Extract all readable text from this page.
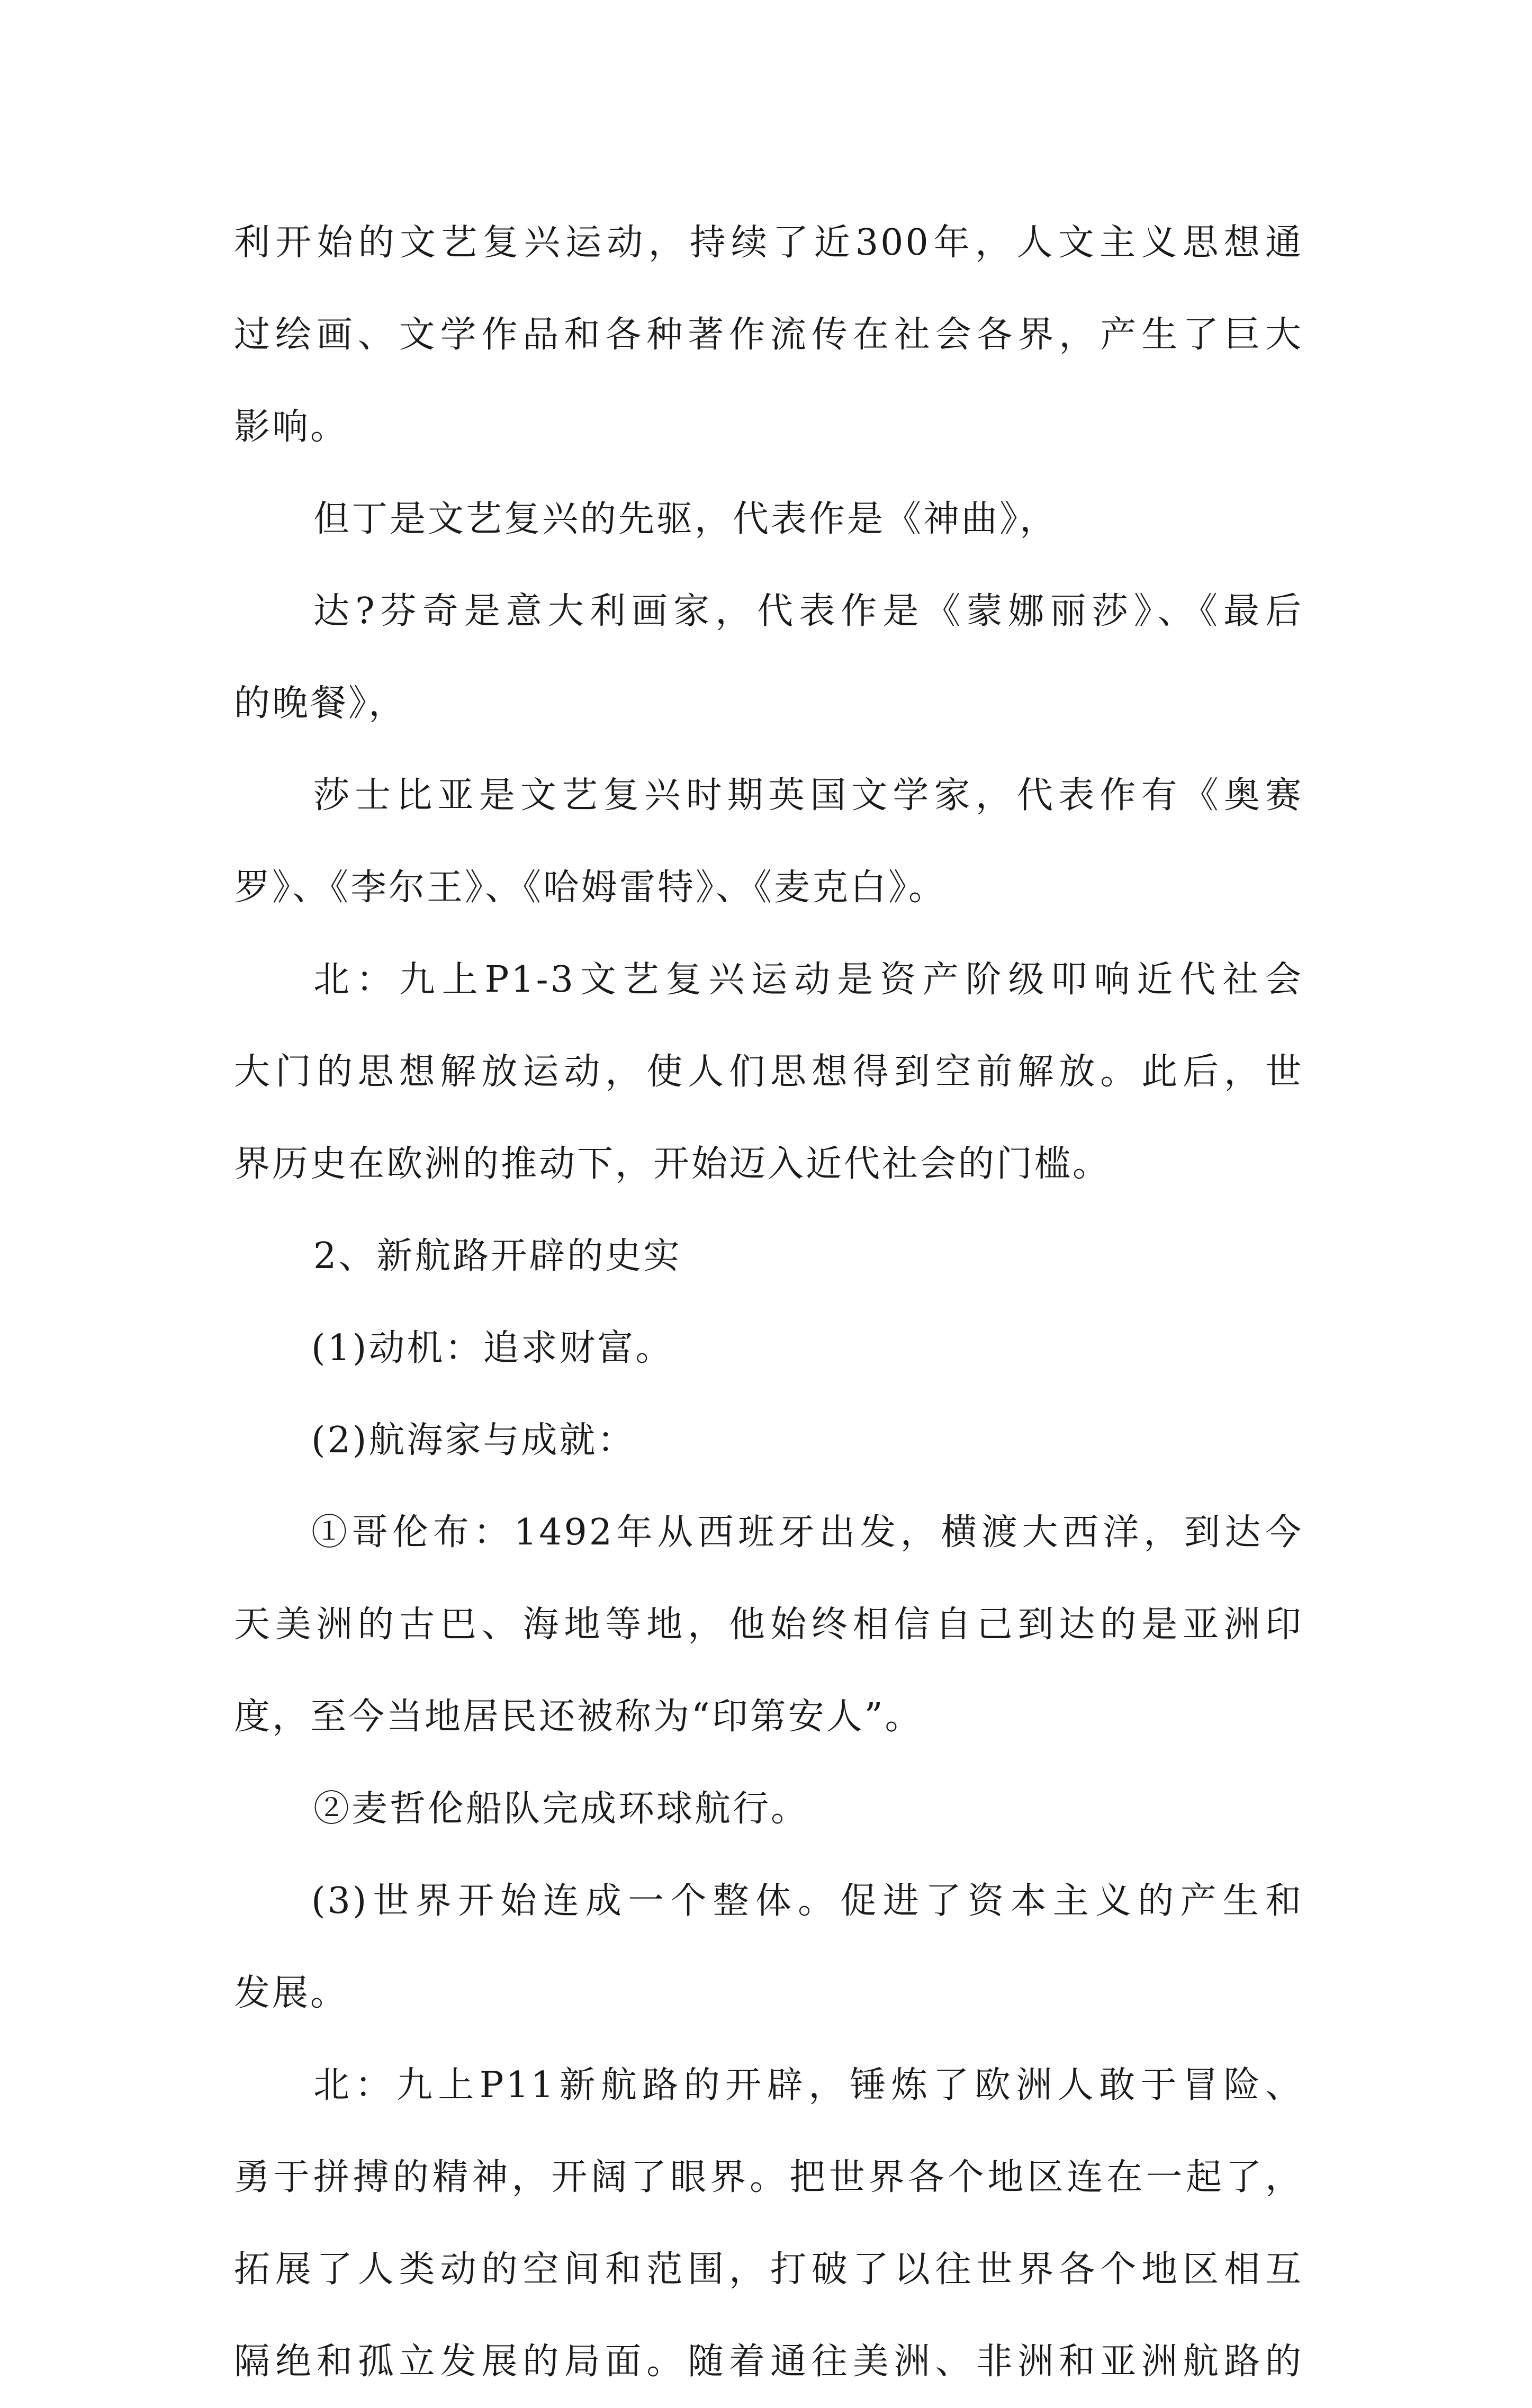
利开始的文艺复兴运动，持续了近300年，人文主义思想通
过绘画、文学作品和各种著作流传在社会各界，产生了巨大
影响。
但丁是文艺复兴的先驱，代表作是《神曲》，
达?芬奇是意大利画家，代表作是《蒙娜丽莎》、《最后
的晚餐》，
莎士比亚是文艺复兴时期英国文学家，代表作有《奥赛
罗》、《李尔王》、《哈姆雷特》、《麦克白》。
北：九上P1-3文艺复兴运动是资产阶级叩响近代社会
大门的思想解放运动，使人们思想得到空前解放。此后，世
界历史在欧洲的推动下，开始迈入近代社会的门槛。
2、新航路开辟的史实
(1)动机：追求财富。
(2)航海家与成就：
①哥伦布：1492年从西班牙出发，横渡大西洋，到达今
天美洲的古巴、海地等地，他始终相信自己到达的是亚洲印
度，至今当地居民还被称为“印第安人”。
②麦哲伦船队完成环球航行。
(3)世界开始连成一个整体。促进了资本主义的产生和
发展。
北：九上P11新航路的开辟，锤炼了欧洲人敢于冒险、
勇于拼搏的精神，开阔了眼界。把世界各个地区连在一起了，
拓展了人类动的空间和范围，打破了以往世界各个地区相互
隔绝和孤立发展的局面。随着通往美洲、非洲和亚洲航路的
